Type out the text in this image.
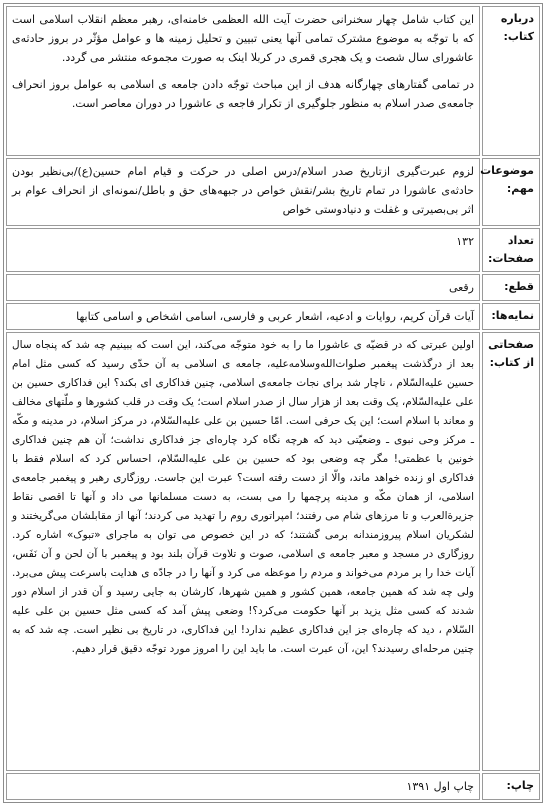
درباره کتاب:	این کتاب شامل چهار سخنرانی حضرت آیت الله العظمی خامنه‌ای، رهبر معظم انقلاب اسلامی است که با توجّه به موضوع مشترک تمامی آنها یعنی تبیین و تحلیل زمینه ها و عوامل مؤثّر در بروز حادثه‌ی عاشورای سال شصت و یک هجری قمری در کربلا اینک به صورت مجموعه منتشر می گردد.

در تمامی گفتارهای چهارگانه هدف از این مباحث توجّه دادن جامعه ی اسلامی به عوامل بروز انحراف جامعه‌ی صدر اسلام به منظور جلوگیری از تکرار فاجعه ی عاشورا در دوران معاصر است.

موضوعات مهم:	لزوم عبرت‌گیری ازتاریخ صدر اسلام/درس اصلی در حرکت و قیام امام حسین(ع)/بی‌نظیر بودن حادثه‌ی عاشورا در تمام تاریخ بشر/نقش خواص در جبهه‌های حق و باطل/نمونه‌ای از انحراف عوام بر اثر بی‌بصیرتی و غفلت و دنیادوستی خواص
تعداد صفحات:	۱۳۲
قطع:	رقعی
نمایه‌ها:	آیات قرآن کریم، روایات و ادعیه، اشعار عربی و فارسی، اسامی اشخاص و اسامی کتابها
صفحاتی از کتاب:	اولین عبرتی که در قضیّه ی عاشورا ما را به خود متوجّه می‌کند، این است که ببینیم چه شد که پنجاه سال بعد از درگذشت پیغمبر صلوات‌الله‌وسلامه‌علیه، جامعه ی اسلامی به آن حدّی رسید که کسی مثل امام حسین علیه‌السّلام ، ناچار شد برای نجات جامعه‌ی اسلامی، چنین فداکاری ای بکند؟ این فداکاری حسین بن علی علیه‌السّلام، یک وقت بعد از هزار سال از صدر اسلام است؛ یک وقت در قلب کشورها و ملّتهای مخالف و معاند با اسلام است؛ این یک حرفی است. امّا حسین بن علی علیه‌السّلام، در مرکز اسلام، در مدینه و مکّه ـ مرکز وحی نبوی ـ وضعیّتی دید که هرچه نگاه کرد چاره‌ای جز فداکاری نداشت؛ آن هم چنین فداکاری خونین با عظمتی! مگر چه وضعی بود که حسین بن علی علیه‌السّلام، احساس کرد که اسلام فقط با فداکاری او زنده خواهد ماند، والّا از دست رفته است؟ عبرت این جاست. روزگاری رهبر و پیغمبر جامعه‌ی اسلامی، از همان مکّه و مدینه پرچمها را می بست، به دست مسلمانها می داد و آنها تا اقصی نقاط جزیرةالعرب و تا مرزهای شام می رفتند؛ امپراتوری روم را تهدید می کردند؛ آنها از مقابلشان می‌گریختند و لشکریان اسلام پیروزمندانه برمی گشتند؛ که در این خصوص می توان به ماجرای «تبوک» اشاره کرد. روزگاری در مسجد و معبر جامعه ی اسلامی، صوت و تلاوت قرآن بلند بود و پیغمبر با آن لحن و آن نَفَس، آیات خدا را بر مردم می‌خواند و مردم را موعظه می کرد و آنها را در جادّه ی هدایت باسرعت پیش می‌برد. ولی چه شد که همین جامعه، همین کشور و همین شهرها، کارشان به جایی رسید و آن قدر از اسلام دور شدند که کسی مثل یزید بر آنها حکومت می‌کرد؟! وضعی پیش آمد که کسی مثل حسین بن علی علیه السّلام ، دید که چاره‌ای جز این فداکاری عظیم ندارد! این فداکاری، در تاریخ بی نظیر است. چه شد که به چنین مرحله‌ای رسیدند؟ این، آن عبرت است. ما باید این را امروز مورد توجّه دقیق قرار دهیم.
چاپ:	چاپ اول ۱۳۹۱
